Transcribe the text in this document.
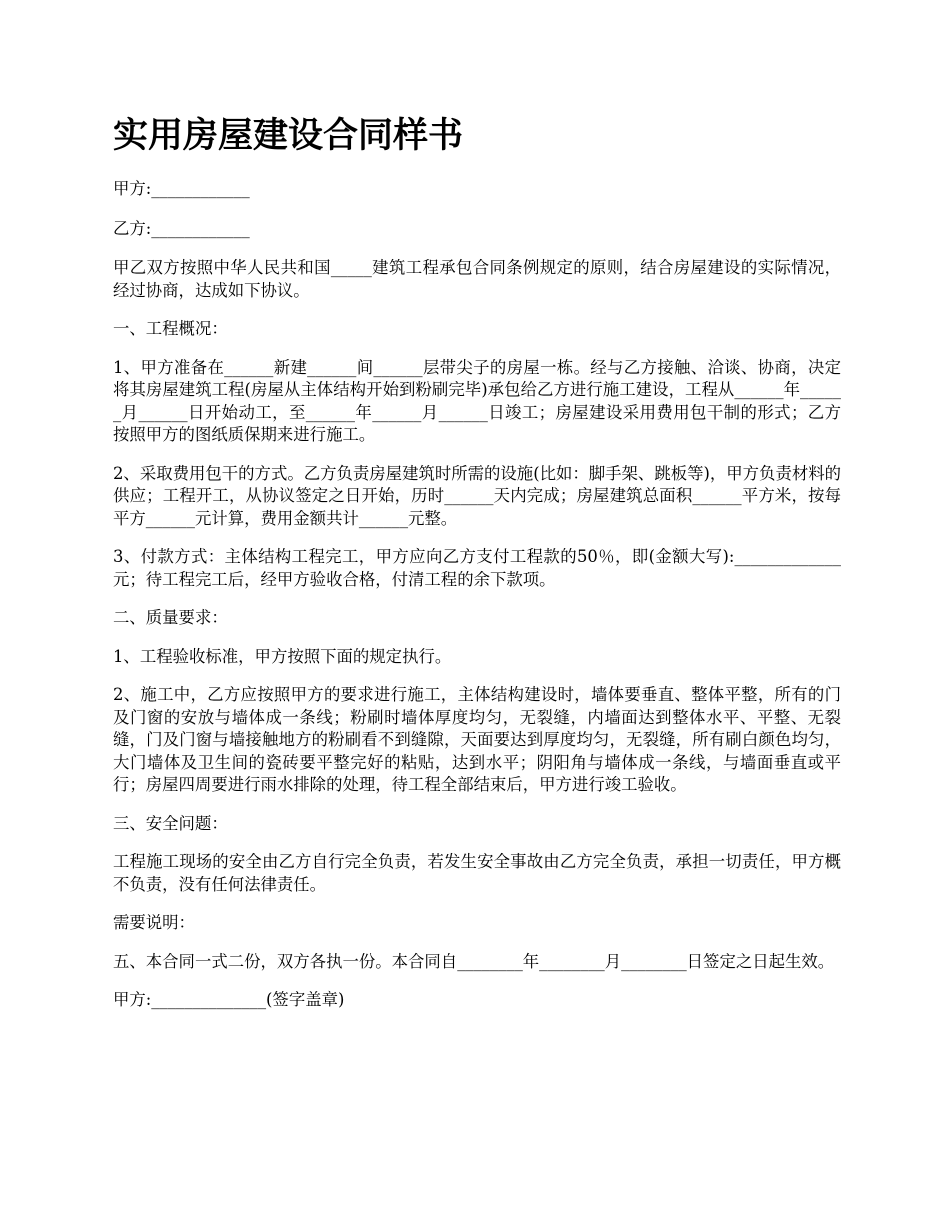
实用房屋建设合同样书

甲方:____________

乙方:____________

甲乙双方按照中华人民共和国_____建筑工程承包合同条例规定的原则，结合房屋建设的实际情况，经过协商，达成如下协议。

一、工程概况：

1、甲方准备在______新建______间______层带尖子的房屋一栋。经与乙方接触、洽谈、协商，决定将其房屋建筑工程(房屋从主体结构开始到粉刷完毕)承包给乙方进行施工建设，工程从______年______月______日开始动工，至______年______月______日竣工；房屋建设采用费用包干制的形式；乙方按照甲方的图纸质保期来进行施工。

2、采取费用包干的方式。乙方负责房屋建筑时所需的设施(比如：脚手架、跳板等)，甲方负责材料的供应；工程开工，从协议签定之日开始，历时______天内完成；房屋建筑总面积______平方米，按每平方______元计算，费用金额共计______元整。

3、付款方式：主体结构工程完工，甲方应向乙方支付工程款的50％，即(金额大写):_____________元；待工程完工后，经甲方验收合格，付清工程的余下款项。

二、质量要求：

1、工程验收标准，甲方按照下面的规定执行。

2、施工中，乙方应按照甲方的要求进行施工，主体结构建设时，墙体要垂直、整体平整，所有的门及门窗的安放与墙体成一条线；粉刷时墙体厚度均匀，无裂缝，内墙面达到整体水平、平整、无裂缝，门及门窗与墙接触地方的粉刷看不到缝隙，天面要达到厚度均匀，无裂缝，所有刷白颜色均匀，大门墙体及卫生间的瓷砖要平整完好的粘贴，达到水平；阴阳角与墙体成一条线，与墙面垂直或平行；房屋四周要进行雨水排除的处理，待工程全部结束后，甲方进行竣工验收。

三、安全问题：

工程施工现场的安全由乙方自行完全负责，若发生安全事故由乙方完全负责，承担一切责任，甲方概不负责，没有任何法律责任。

需要说明：

五、本合同一式二份，双方各执一份。本合同自________年________月________日签定之日起生效。

甲方:______________(签字盖章)
